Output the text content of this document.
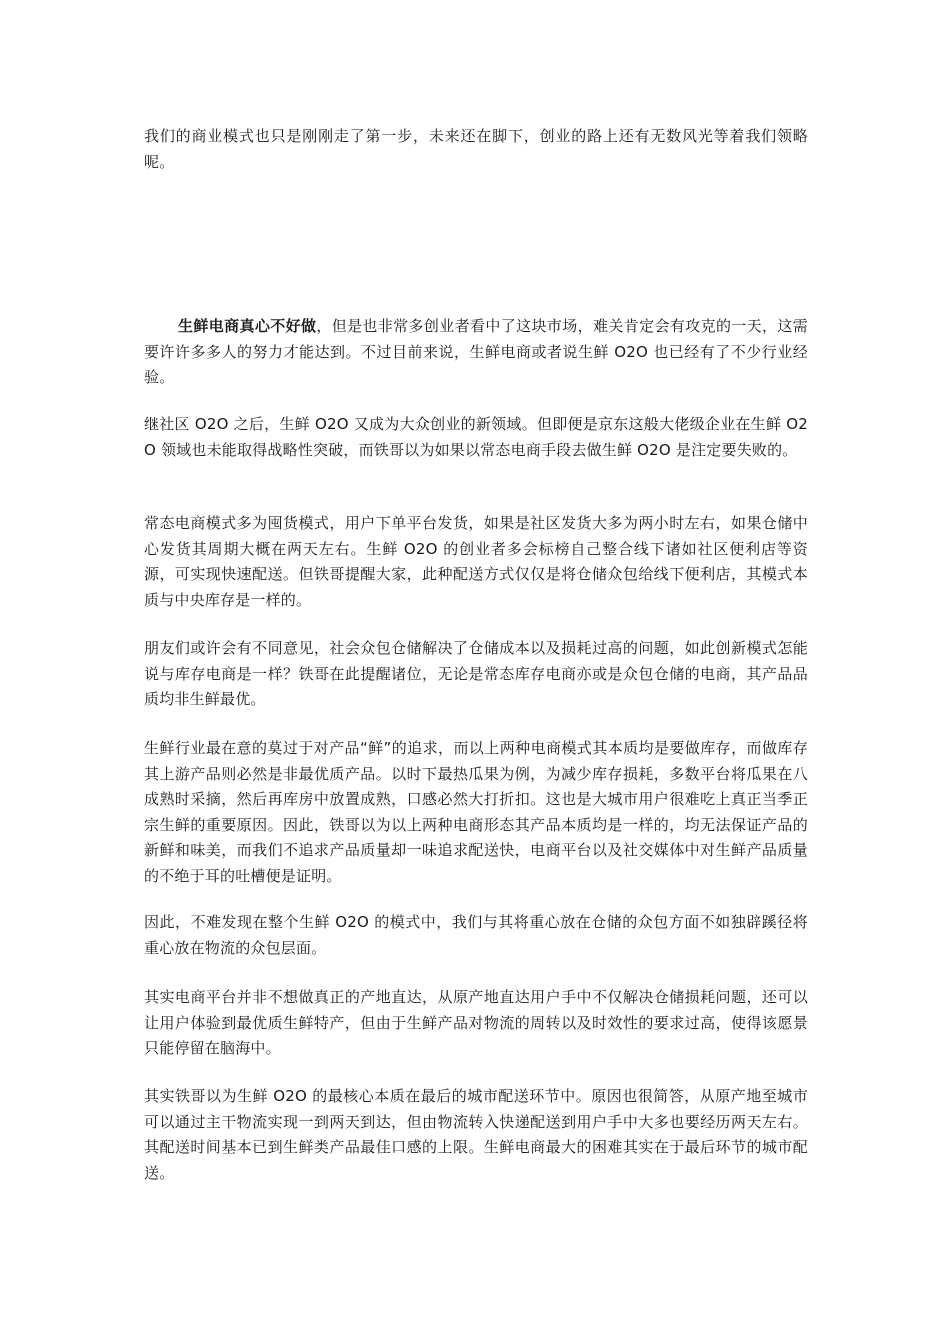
我们的商业模式也只是刚刚走了第一步，未来还在脚下，创业的路上还有无数风光等着我们领略呢。

生鲜电商真心不好做，但是也非常多创业者看中了这块市场，难关肯定会有攻克的一天，这需要许许多多人的努力才能达到。不过目前来说，生鲜电商或者说生鲜 O2O 也已经有了不少行业经验。

继社区 O2O 之后，生鲜 O2O 又成为大众创业的新领域。但即便是京东这般大佬级企业在生鲜 O2O 领域也未能取得战略性突破，而铁哥以为如果以常态电商手段去做生鲜 O2O 是注定要失败的。

常态电商模式多为囤货模式，用户下单平台发货，如果是社区发货大多为两小时左右，如果仓储中心发货其周期大概在两天左右。生鲜 O2O 的创业者多会标榜自己整合线下诸如社区便利店等资源，可实现快速配送。但铁哥提醒大家，此种配送方式仅仅是将仓储众包给线下便利店，其模式本质与中央库存是一样的。

朋友们或许会有不同意见，社会众包仓储解决了仓储成本以及损耗过高的问题，如此创新模式怎能说与库存电商是一样？铁哥在此提醒诸位，无论是常态库存电商亦或是众包仓储的电商，其产品品质均非生鲜最优。

生鲜行业最在意的莫过于对产品“鲜”的追求，而以上两种电商模式其本质均是要做库存，而做库存其上游产品则必然是非最优质产品。以时下最热瓜果为例，为减少库存损耗，多数平台将瓜果在八成熟时采摘，然后再库房中放置成熟，口感必然大打折扣。这也是大城市用户很难吃上真正当季正宗生鲜的重要原因。因此，铁哥以为以上两种电商形态其产品本质均是一样的，均无法保证产品的新鲜和味美，而我们不追求产品质量却一味追求配送快，电商平台以及社交媒体中对生鲜产品质量的不绝于耳的吐槽便是证明。

因此，不难发现在整个生鲜 O2O 的模式中，我们与其将重心放在仓储的众包方面不如独辟蹊径将重心放在物流的众包层面。

其实电商平台并非不想做真正的产地直达，从原产地直达用户手中不仅解决仓储损耗问题，还可以让用户体验到最优质生鲜特产，但由于生鲜产品对物流的周转以及时效性的要求过高，使得该愿景只能停留在脑海中。

其实铁哥以为生鲜 O2O 的最核心本质在最后的城市配送环节中。原因也很简答，从原产地至城市可以通过主干物流实现一到两天到达，但由物流转入快递配送到用户手中大多也要经历两天左右。其配送时间基本已到生鲜类产品最佳口感的上限。生鲜电商最大的困难其实在于最后环节的城市配送。
